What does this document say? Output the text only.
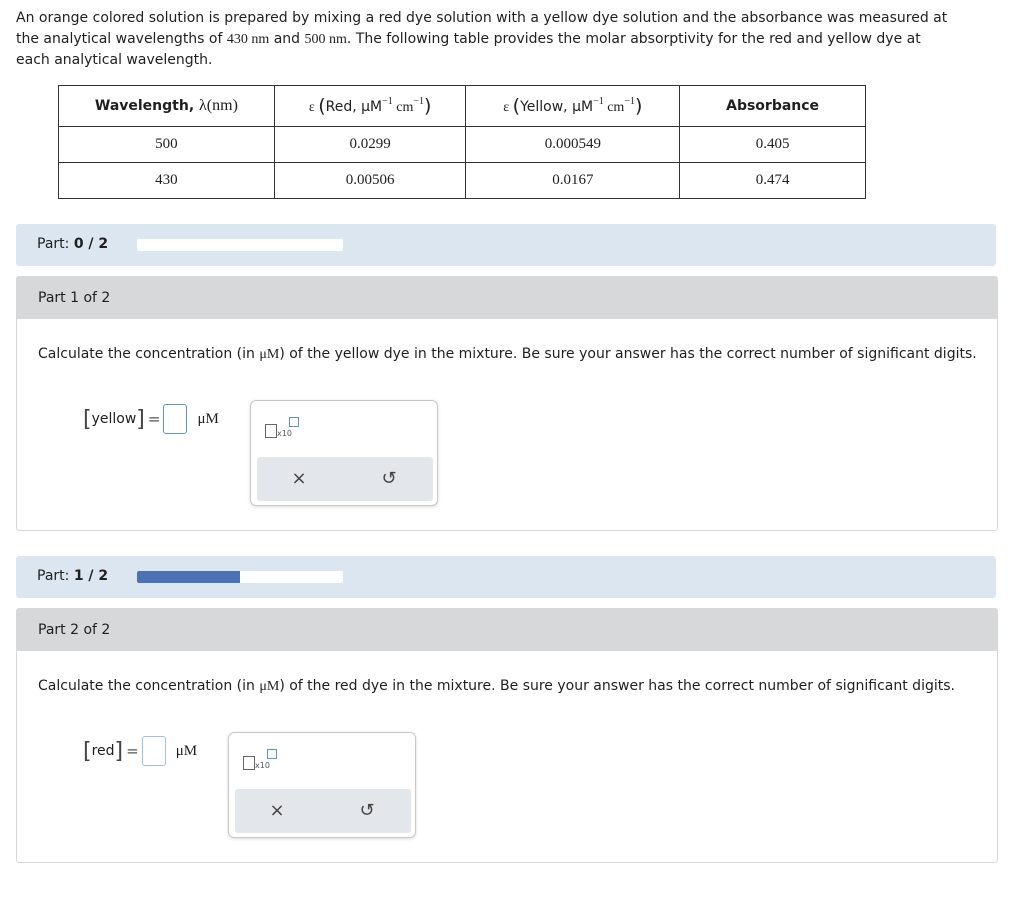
An orange colored solution is prepared by mixing a red dye solution with a yellow dye solution and the absorbance was measured at

the analytical wavelengths of 430 nm and 500 nm. The following table provides the molar absorptivity for the red and yellow dye at

each analytical wavelength.

Wavelength, λ(nm)	ε (Red, $\mu M^{-1}$ $cm^{-1}$)	ε (Yellow, $\mu M^{-1}$ $cm^{-1}$)	Absorbance
500	0.0299	0.000549	0.405
430	0.00506	0.0167	0.474
Part: 0 / 2
Part 1 of 2
Calculate the concentration (in μM) of the yellow dye in the mixture. Be sure your answer has the correct number of significant digits.
[ yellow ] = μM
x10
×	↺
Part: 1 / 2
Part 2 of 2
Calculate the concentration (in μM) of the red dye in the mixture. Be sure your answer has the correct number of significant digits.
[ red ] = μM
x10
×	↺
